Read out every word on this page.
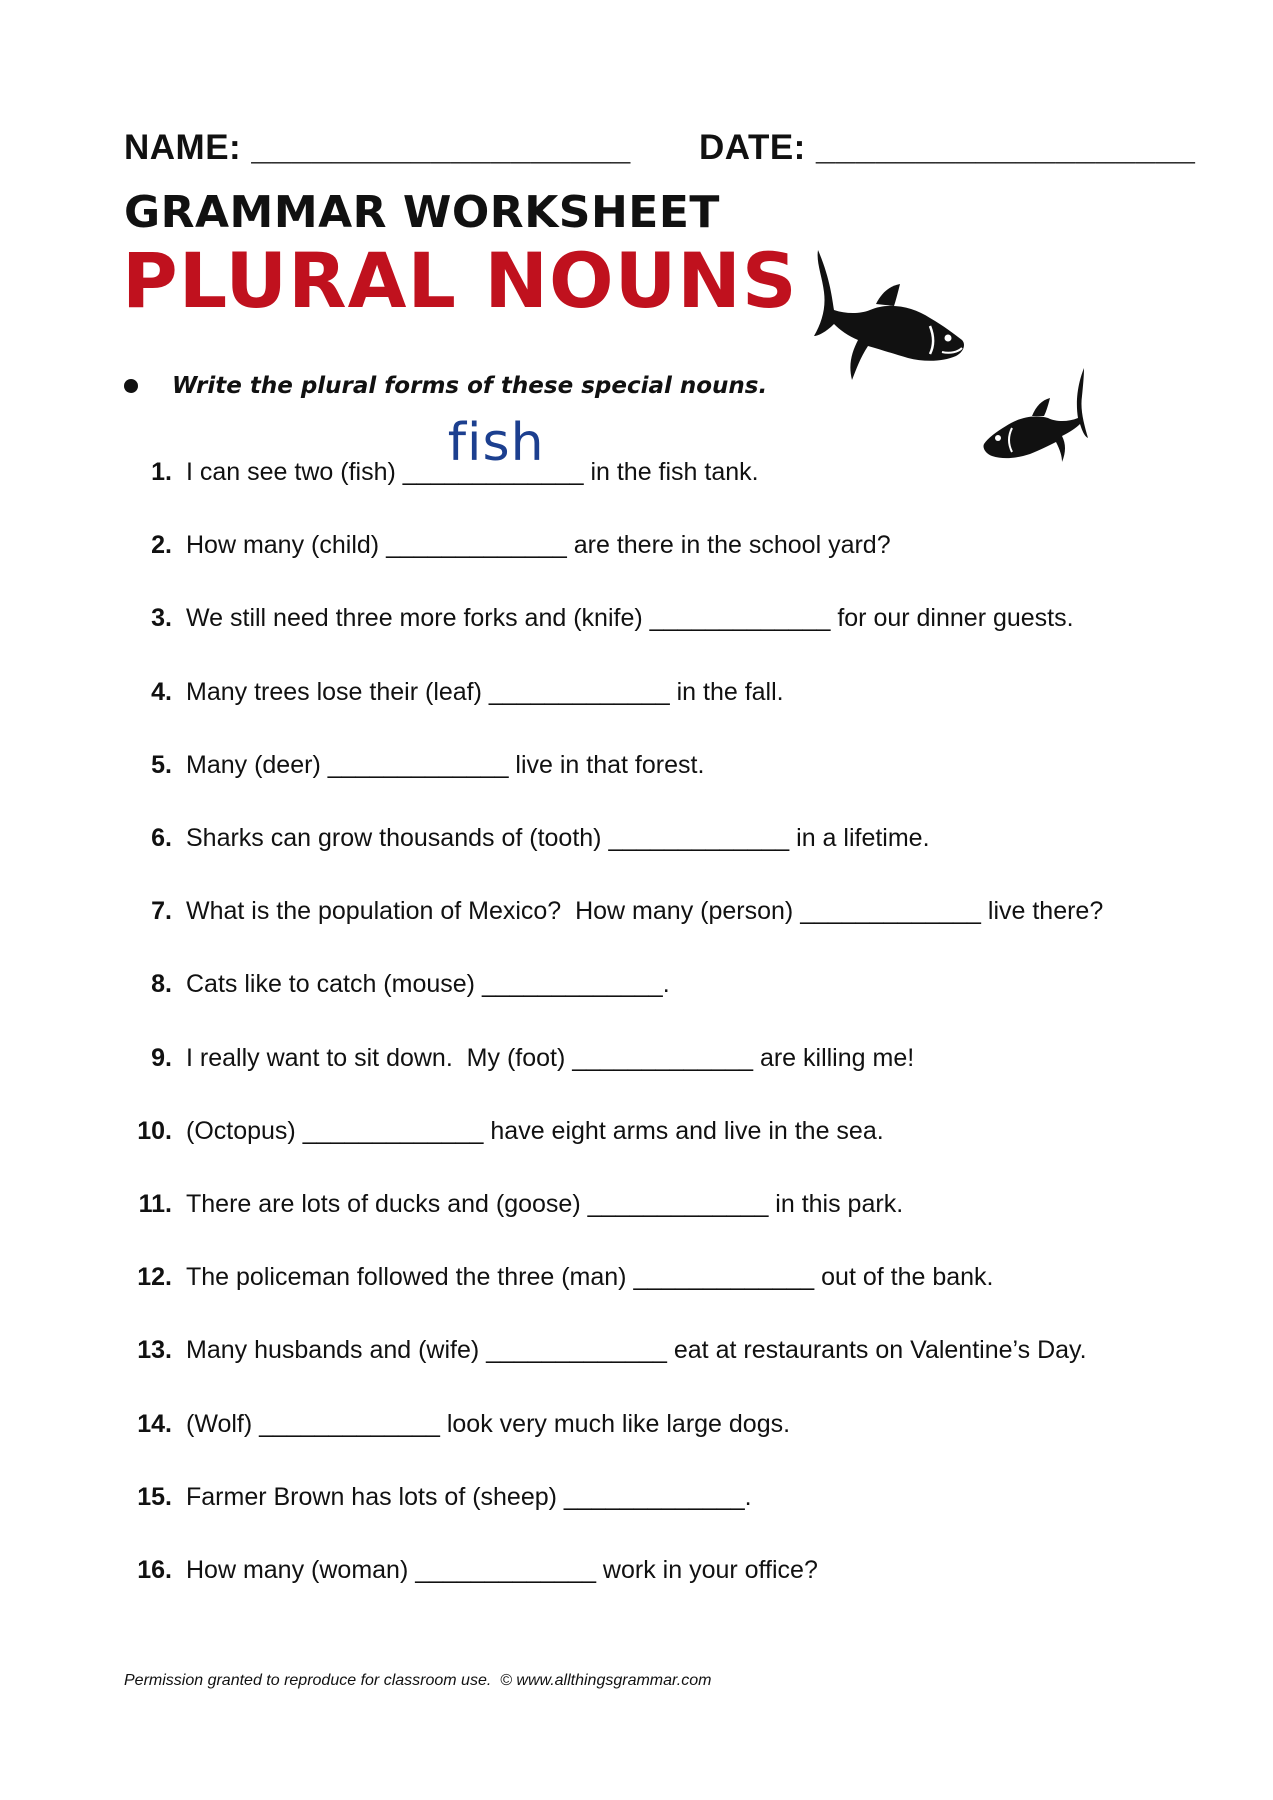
NAME: ___________________ DATE: ___________________
GRAMMAR WORKSHEET
PLURAL NOUNS
Write the plural forms of these special nouns.
1. I can see two (fish) _____________
fish in the fish tank.
2. How many (child) _____________ are there in the school yard?
3. We still need three more forks and (knife) _____________ for our dinner guests.
4. Many trees lose their (leaf) _____________ in the fall.
5. Many (deer) _____________ live in that forest.
6. Sharks can grow thousands of (tooth) _____________ in a lifetime.
7. What is the population of Mexico?  How many (person) _____________ live there?
8. Cats like to catch (mouse) _____________.
9. I really want to sit down.  My (foot) _____________ are killing me!
10. (Octopus) _____________ have eight arms and live in the sea.
11. There are lots of ducks and (goose) _____________ in this park.
12. The policeman followed the three (man) _____________ out of the bank.
13. Many husbands and (wife) _____________ eat at restaurants on Valentine’s Day.
14. (Wolf) _____________ look very much like large dogs.
15. Farmer Brown has lots of (sheep) _____________.
16. How many (woman) _____________ work in your office?
Permission granted to reproduce for classroom use.  © www.allthingsgrammar.com
